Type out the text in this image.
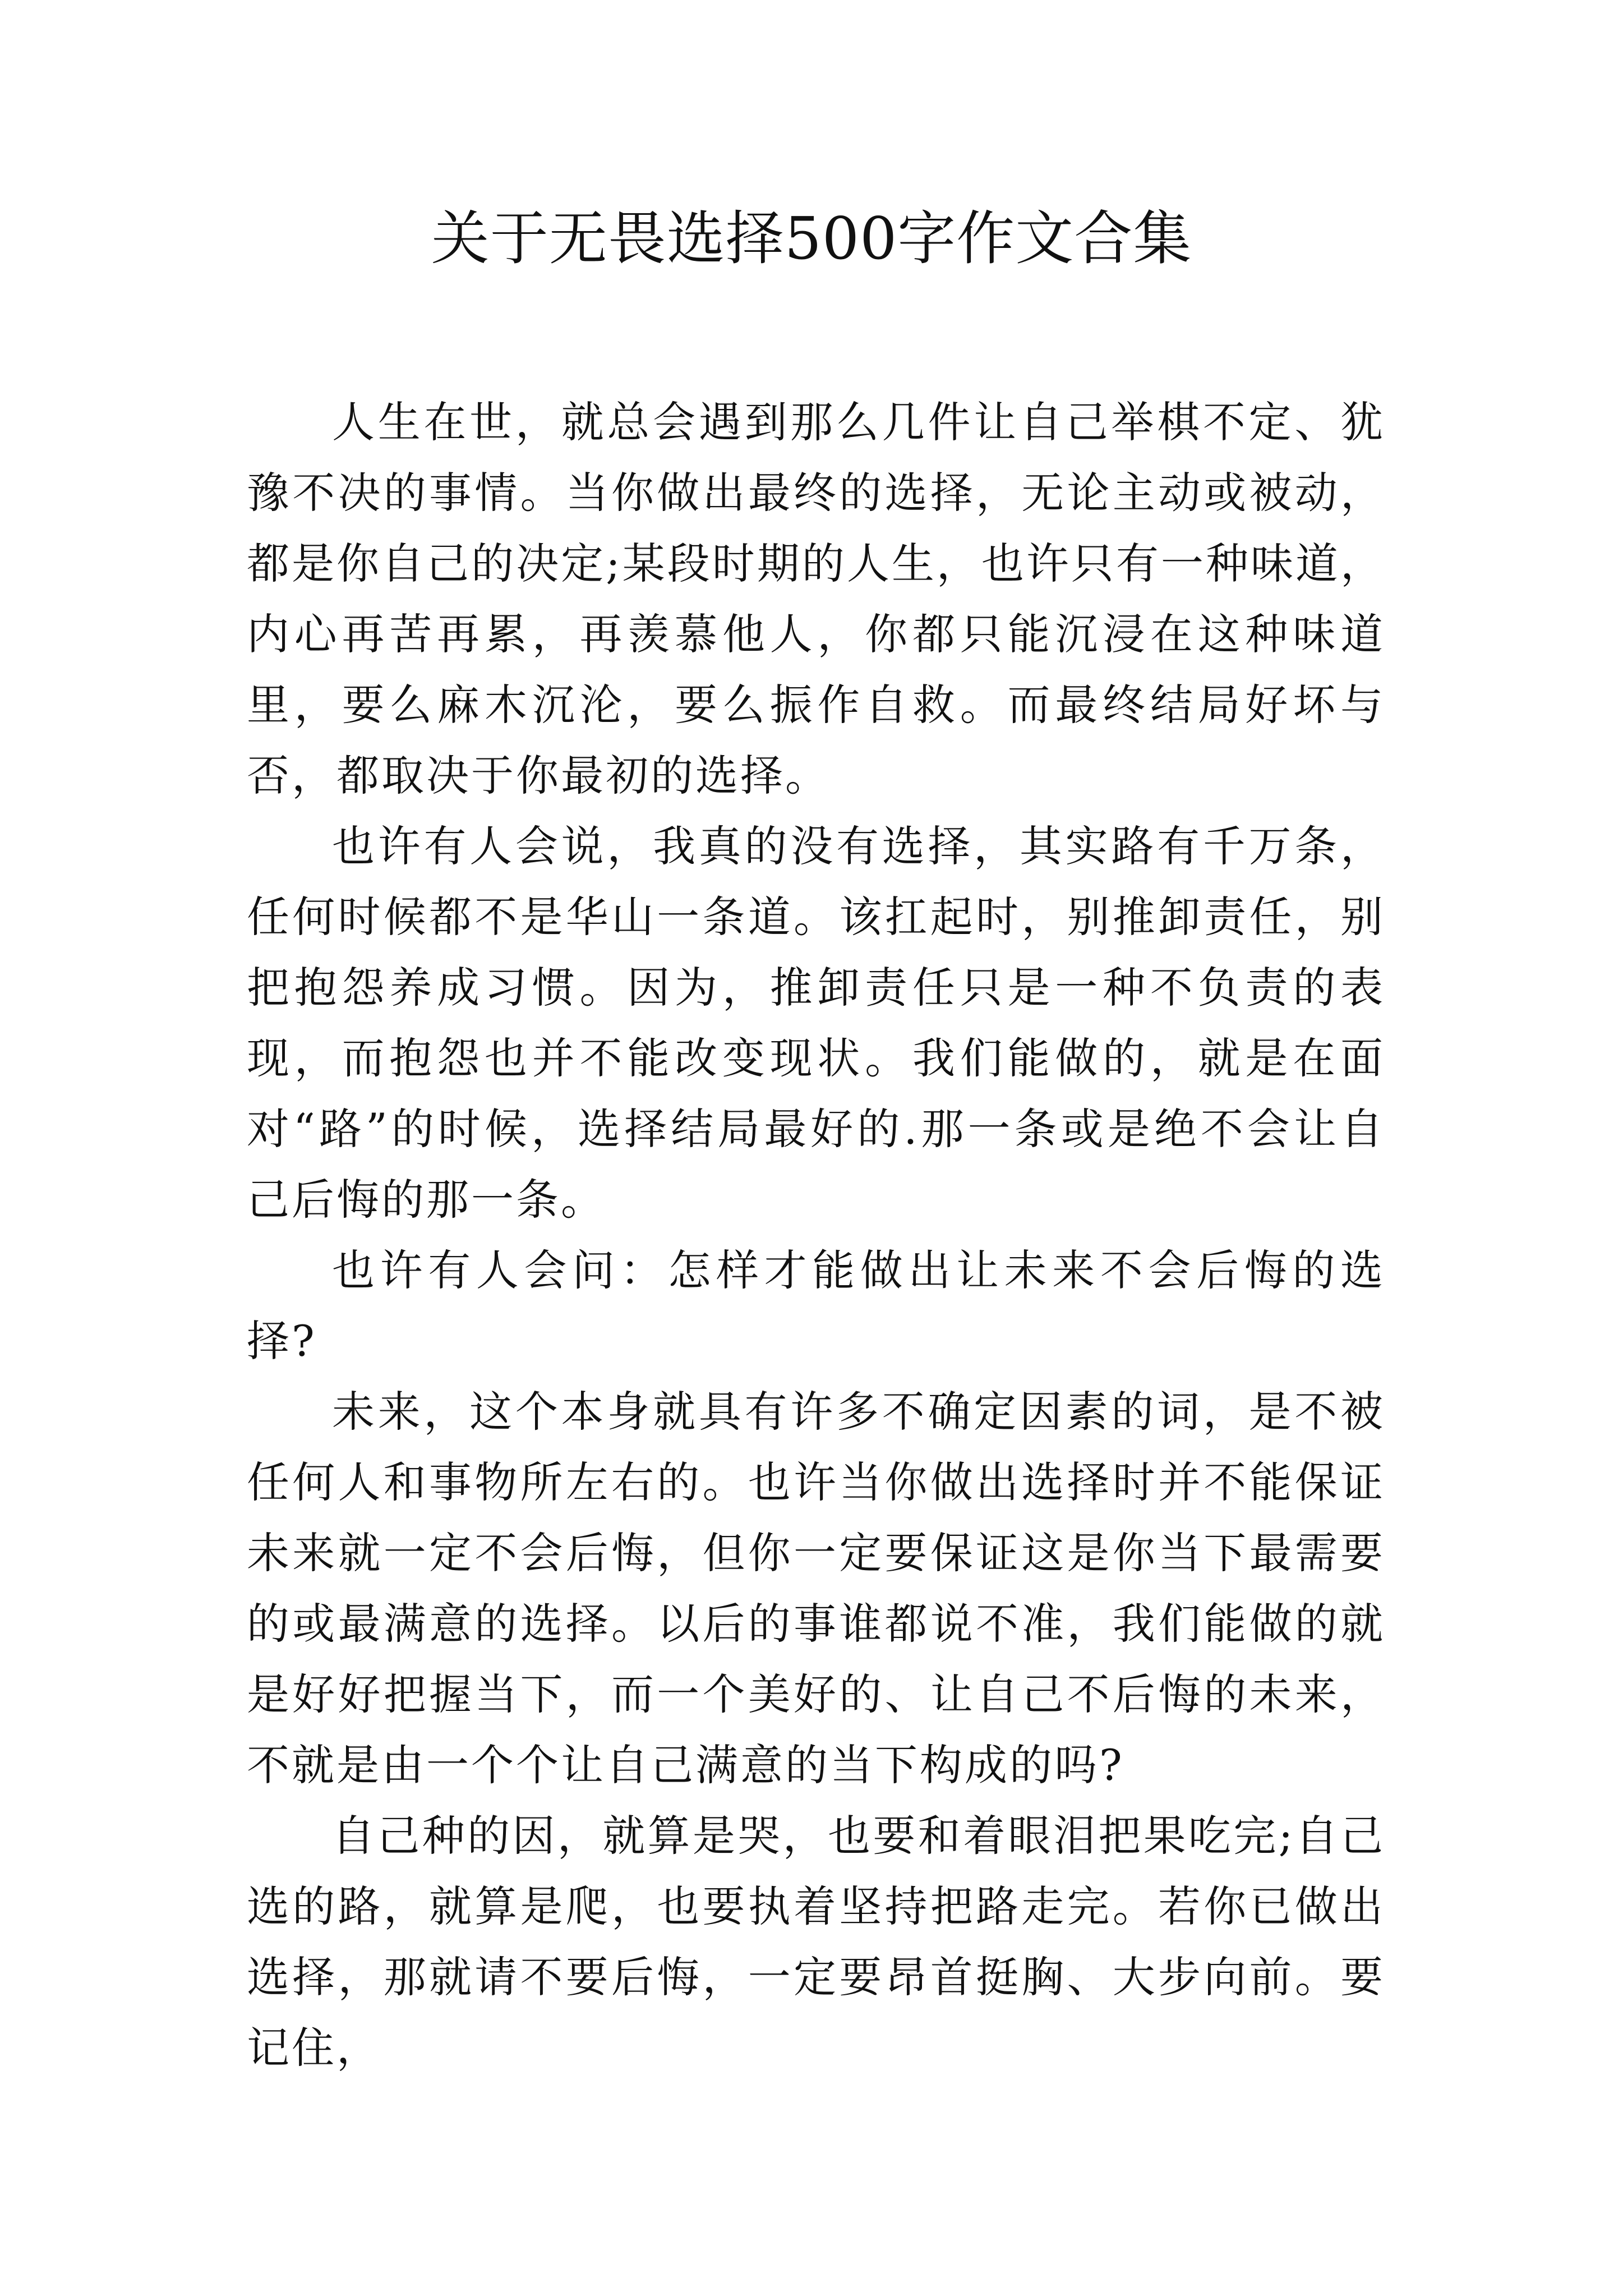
关于无畏选择500字作文合集

人生在世，就总会遇到那么几件让自己举棋不定、犹豫不决的事情。当你做出最终的选择，无论主动或被动，都是你自己的决定;某段时期的人生，也许只有一种味道，内心再苦再累，再羡慕他人，你都只能沉浸在这种味道里，要么麻木沉沦，要么振作自救。而最终结局好坏与否，都取决于你最初的选择。

也许有人会说，我真的没有选择，其实路有千万条，任何时候都不是华山一条道。该扛起时，别推卸责任，别把抱怨养成习惯。因为，推卸责任只是一种不负责的表现，而抱怨也并不能改变现状。我们能做的，就是在面对“路”的时候，选择结局最好的.那一条或是绝不会让自己后悔的那一条。

也许有人会问：怎样才能做出让未来不会后悔的选择?

未来，这个本身就具有许多不确定因素的词，是不被任何人和事物所左右的。也许当你做出选择时并不能保证未来就一定不会后悔，但你一定要保证这是你当下最需要的或最满意的选择。以后的事谁都说不准，我们能做的就是好好把握当下，而一个美好的、让自己不后悔的未来，不就是由一个个让自己满意的当下构成的吗?

自己种的因，就算是哭，也要和着眼泪把果吃完;自己选的路，就算是爬，也要执着坚持把路走完。若你已做出选择，那就请不要后悔，一定要昂首挺胸、大步向前。要记住，
